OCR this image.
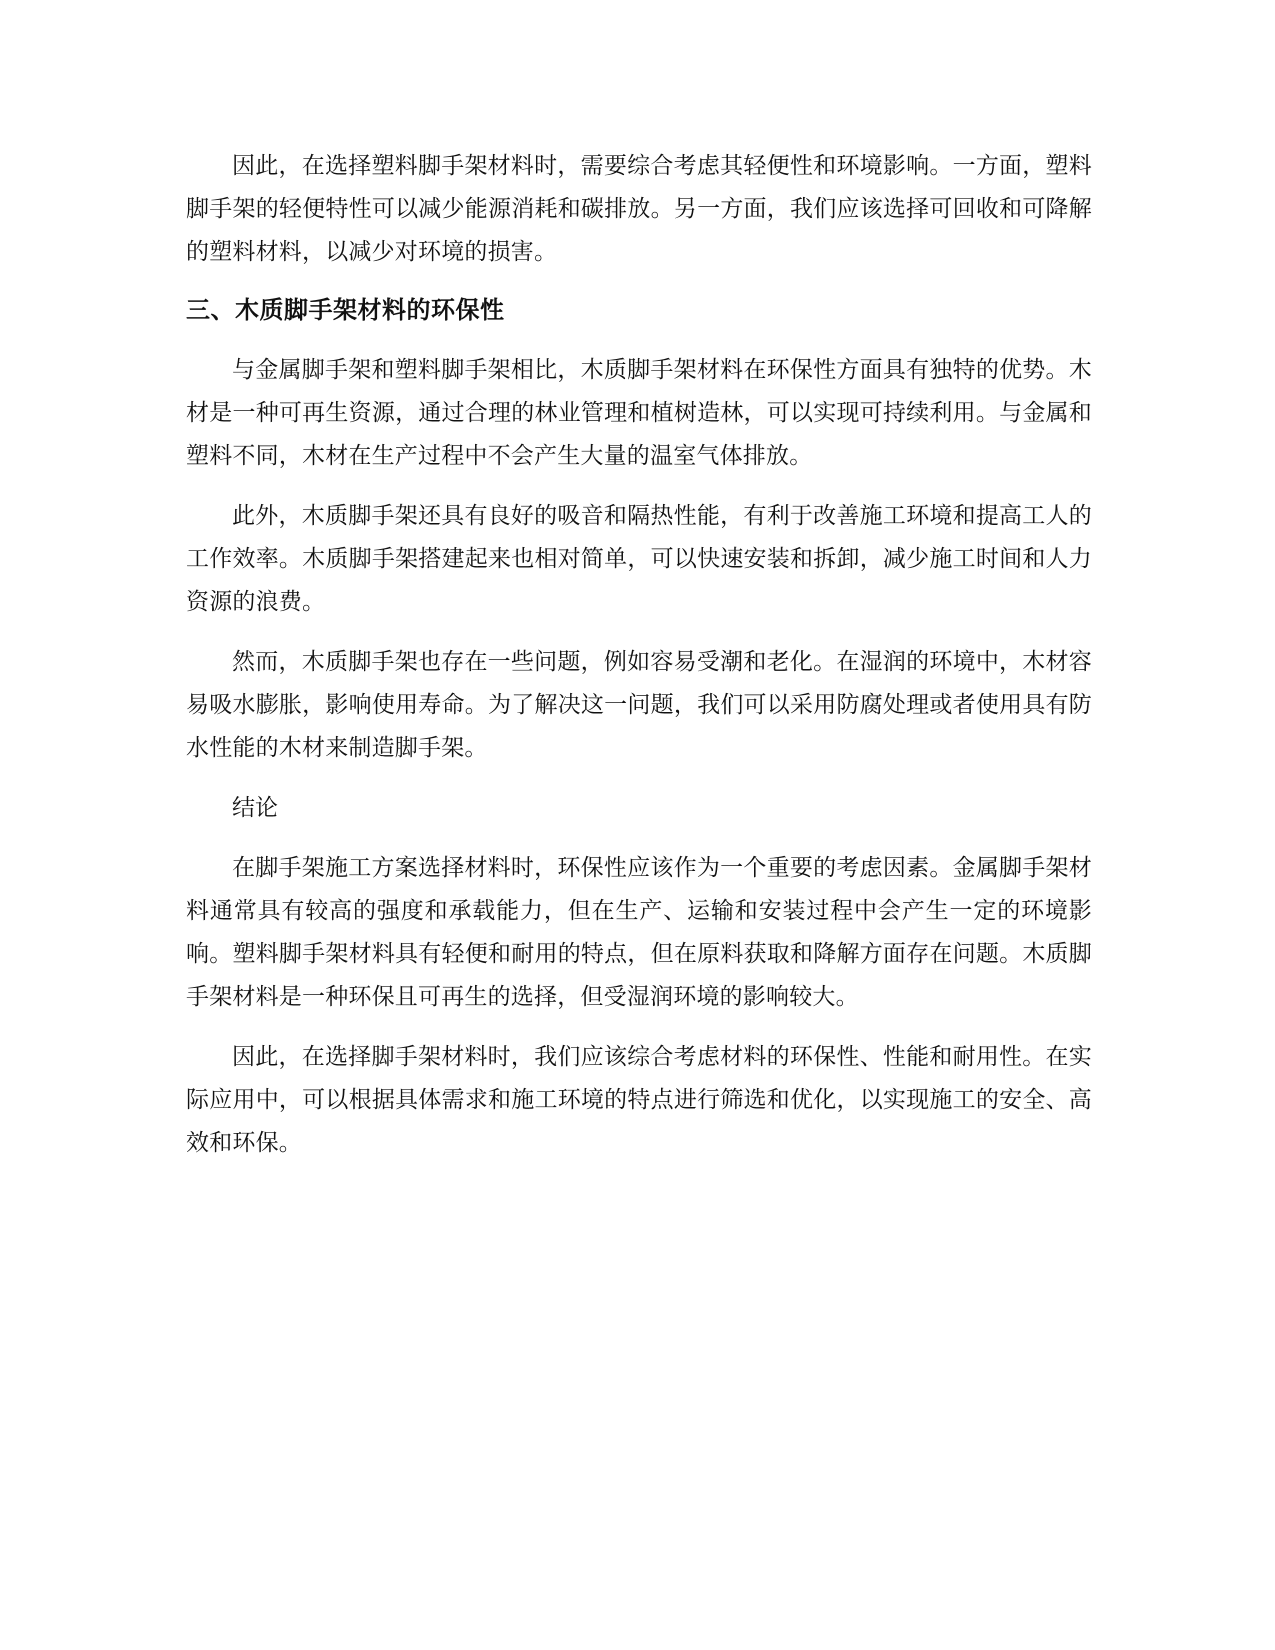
因此，在选择塑料脚手架材料时，需要综合考虑其轻便性和环境影响。一方面，塑料脚手架的轻便特性可以减少能源消耗和碳排放。另一方面，我们应该选择可回收和可降解的塑料材料，以减少对环境的损害。

三、木质脚手架材料的环保性

与金属脚手架和塑料脚手架相比，木质脚手架材料在环保性方面具有独特的优势。木材是一种可再生资源，通过合理的林业管理和植树造林，可以实现可持续利用。与金属和塑料不同，木材在生产过程中不会产生大量的温室气体排放。

此外，木质脚手架还具有良好的吸音和隔热性能，有利于改善施工环境和提高工人的工作效率。木质脚手架搭建起来也相对简单，可以快速安装和拆卸，减少施工时间和人力资源的浪费。

然而，木质脚手架也存在一些问题，例如容易受潮和老化。在湿润的环境中，木材容易吸水膨胀，影响使用寿命。为了解决这一问题，我们可以采用防腐处理或者使用具有防水性能的木材来制造脚手架。

结论

在脚手架施工方案选择材料时，环保性应该作为一个重要的考虑因素。金属脚手架材料通常具有较高的强度和承载能力，但在生产、运输和安装过程中会产生一定的环境影响。塑料脚手架材料具有轻便和耐用的特点，但在原料获取和降解方面存在问题。木质脚手架材料是一种环保且可再生的选择，但受湿润环境的影响较大。

因此，在选择脚手架材料时，我们应该综合考虑材料的环保性、性能和耐用性。在实际应用中，可以根据具体需求和施工环境的特点进行筛选和优化，以实现施工的安全、高效和环保。
